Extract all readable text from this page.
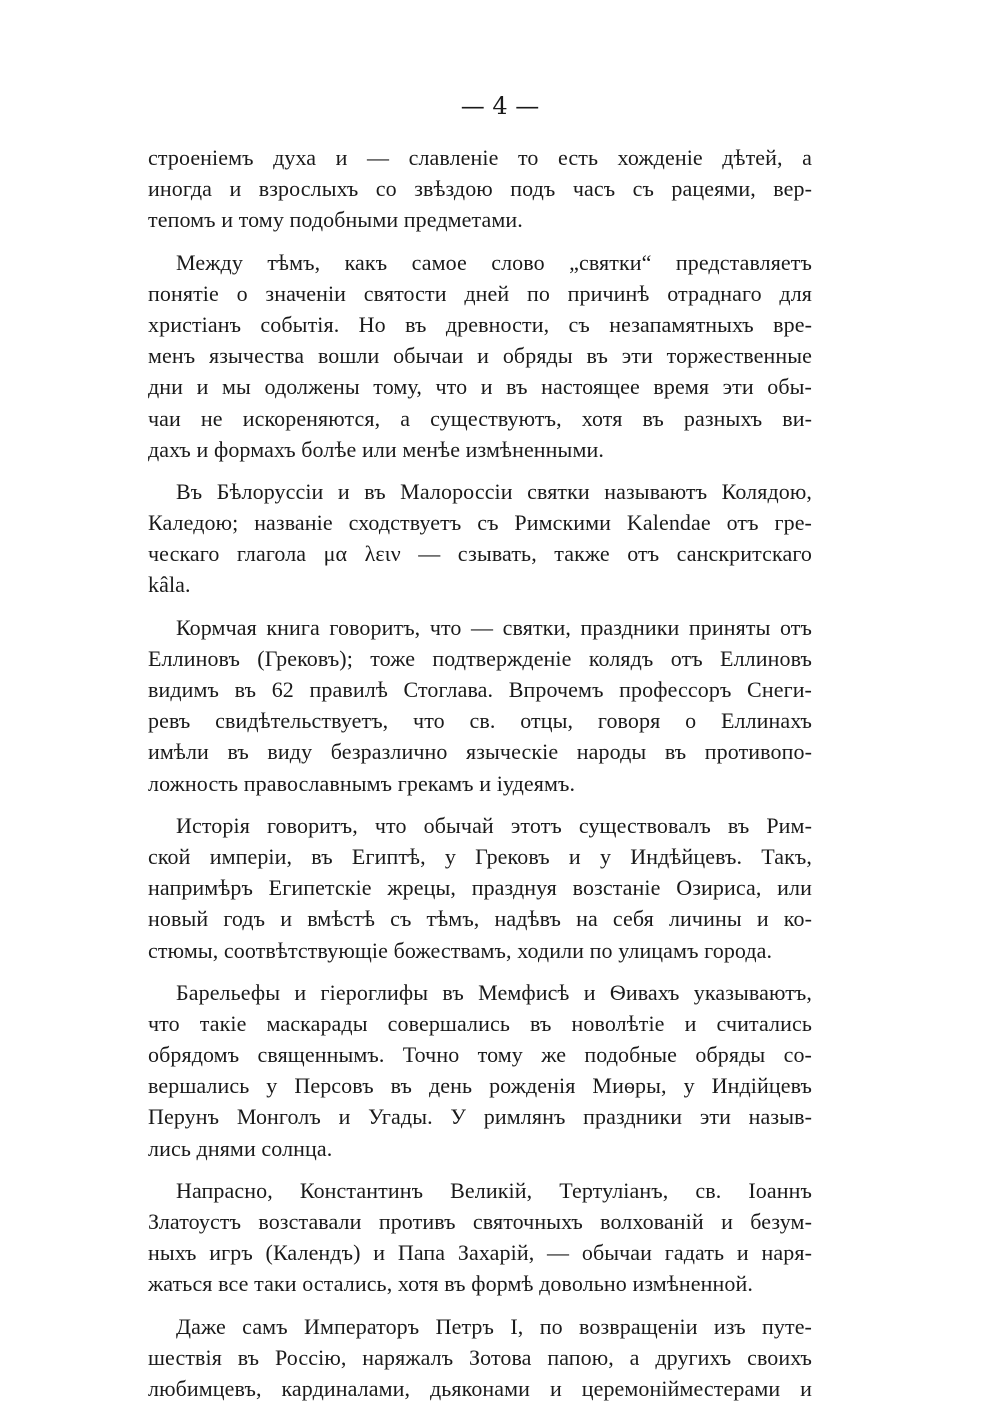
— 4 —
строеніемъ духа и — славленіе то есть хожденіе дѣтей, а
иногда и взрослыхъ со звѣздою подъ часъ съ рацеями, вер-
тепомъ и тому подобными предметами.
Между тѣмъ, какъ самое слово „святки“ представляетъ
понятіе о значеніи святости дней по причинѣ отраднаго для
христіанъ событія. Но въ древности, съ незапамятныхъ вре-
менъ язычества вошли обычаи и обряды въ эти торжественные
дни и мы одолжены тому, что и въ настоящее время эти обы-
чаи не искореняются, а существуютъ, хотя въ разныхъ ви-
дахъ и формахъ болѣе или менѣе измѣненными.
Въ Бѣлоруссіи и въ Малороссіи святки называютъ Колядою,
Каледою; названіе сходствуетъ съ Римскими Kalendae отъ гре-
ческаго глагола μα λειν — сзывать, также отъ санскритскаго
kâla.
Кормчая книга говоритъ, что — святки, праздники приняты отъ
Еллиновъ (Грековъ); тоже подтвержденіе колядъ отъ Еллиновъ
видимъ въ 62 правилѣ Стоглава. Впрочемъ профессоръ Снеги-
ревъ свидѣтельствуетъ, что св. отцы, говоря о Еллинахъ
имѣли въ виду безразлично языческіе народы въ противопо-
ложность православнымъ грекамъ и іудеямъ.
Исторія говоритъ, что обычай этотъ существовалъ въ Рим-
ской имперіи, въ Египтѣ, у Грековъ и у Индѣйцевъ. Такъ,
напримѣръ Египетскіе жрецы, празднуя возстаніе Озириса, или
новый годъ и вмѣстѣ съ тѣмъ, надѣвъ на себя личины и ко-
стюмы, соотвѣтствующіе божествамъ, ходили по улицамъ города.
Барельефы и гіероглифы въ Мемфисѣ и Ѳивахъ указываютъ,
что такіе маскарады совершались въ новолѣтіе и считались
обрядомъ священнымъ. Точно тому же подобные обряды со-
вершались у Персовъ въ день рожденія Миѳры, у Индійцевъ
Перунъ Монголъ и Угады. У римлянъ праздники эти назыв-
лись днями солнца.
Напрасно, Константинъ Великій, Тертуліанъ, св. Іоаннъ
Златоустъ возставали противъ святочныхъ волхованій и безум-
ныхъ игръ (Календъ) и Папа Захарій, — обычаи гадать и наря-
жаться все таки остались, хотя въ формѣ довольно измѣненной.
Даже самъ Императоръ Петръ I, по возвращеніи изъ путе-
шествія въ Россію, наряжалъ Зотова папою, а другихъ своихъ
любимцевъ, кардиналами, дьяконами и церемонійместерами и
